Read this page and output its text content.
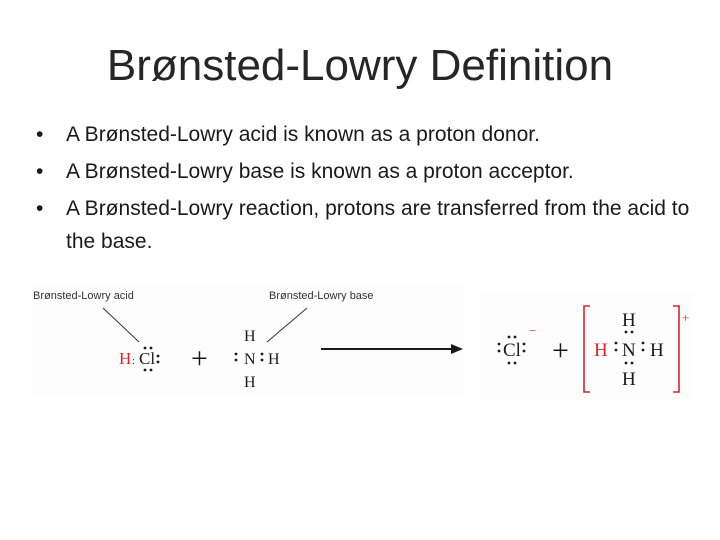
Brønsted-Lowry Definition
•	A Brønsted-Lowry acid is known as a proton donor.
•	A Brønsted-Lowry base is known as a proton acceptor.
•	A Brønsted-Lowry reaction, protons are transferred from the acid to the base.
Brønsted-Lowry acid	Brønsted-Lowry base
H : Cl +
H
N H
H
Cl
−
+
+
H
H N H
H
